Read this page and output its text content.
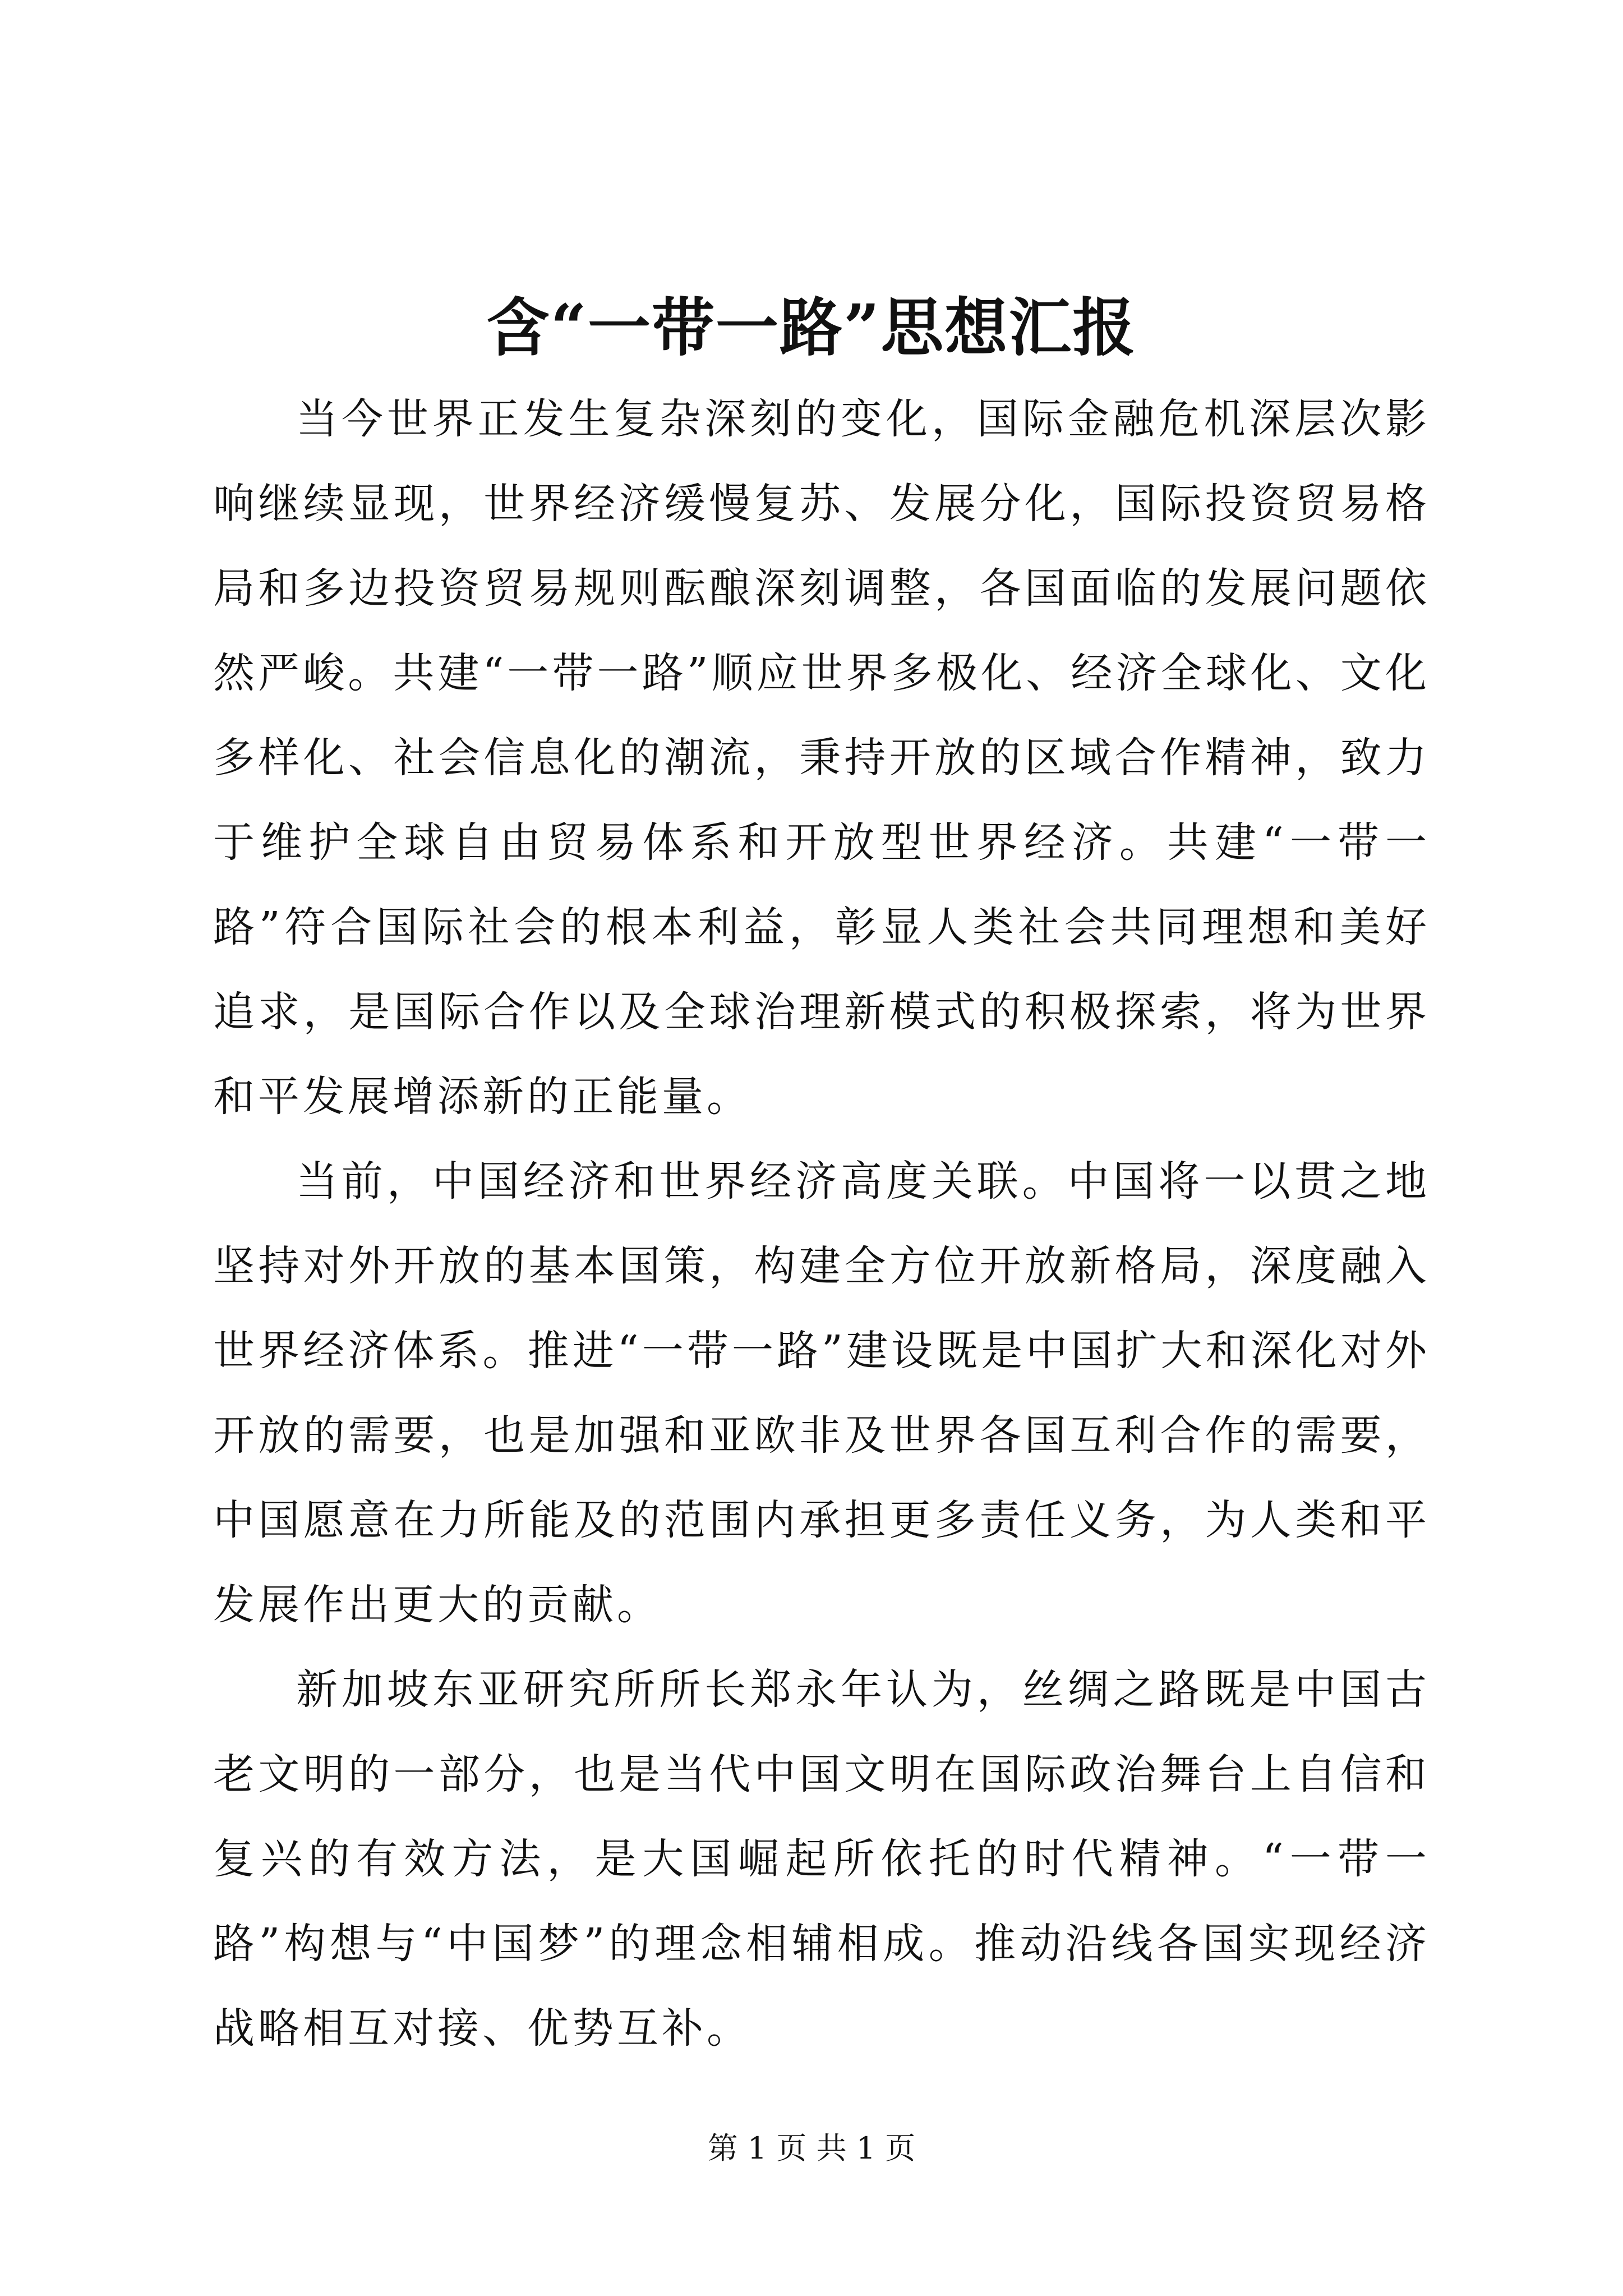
含“一带一路”思想汇报

当今世界正发生复杂深刻的变化，国际金融危机深层次影响继续显现，世界经济缓慢复苏、发展分化，国际投资贸易格局和多边投资贸易规则酝酿深刻调整，各国面临的发展问题依然严峻。共建“一带一路”顺应世界多极化、经济全球化、文化多样化、社会信息化的潮流，秉持开放的区域合作精神，致力于维护全球自由贸易体系和开放型世界经济。共建“一带一路”符合国际社会的根本利益，彰显人类社会共同理想和美好追求，是国际合作以及全球治理新模式的积极探索，将为世界和平发展增添新的正能量。

当前，中国经济和世界经济高度关联。中国将一以贯之地坚持对外开放的基本国策，构建全方位开放新格局，深度融入世界经济体系。推进“一带一路”建设既是中国扩大和深化对外开放的需要，也是加强和亚欧非及世界各国互利合作的需要，中国愿意在力所能及的范围内承担更多责任义务，为人类和平发展作出更大的贡献。

新加坡东亚研究所所长郑永年认为，丝绸之路既是中国古老文明的一部分，也是当代中国文明在国际政治舞台上自信和复兴的有效方法，是大国崛起所依托的时代精神。“一带一路”构想与“中国梦”的理念相辅相成。推动沿线各国实现经济战略相互对接、优势互补。

第 1 页 共 1 页
